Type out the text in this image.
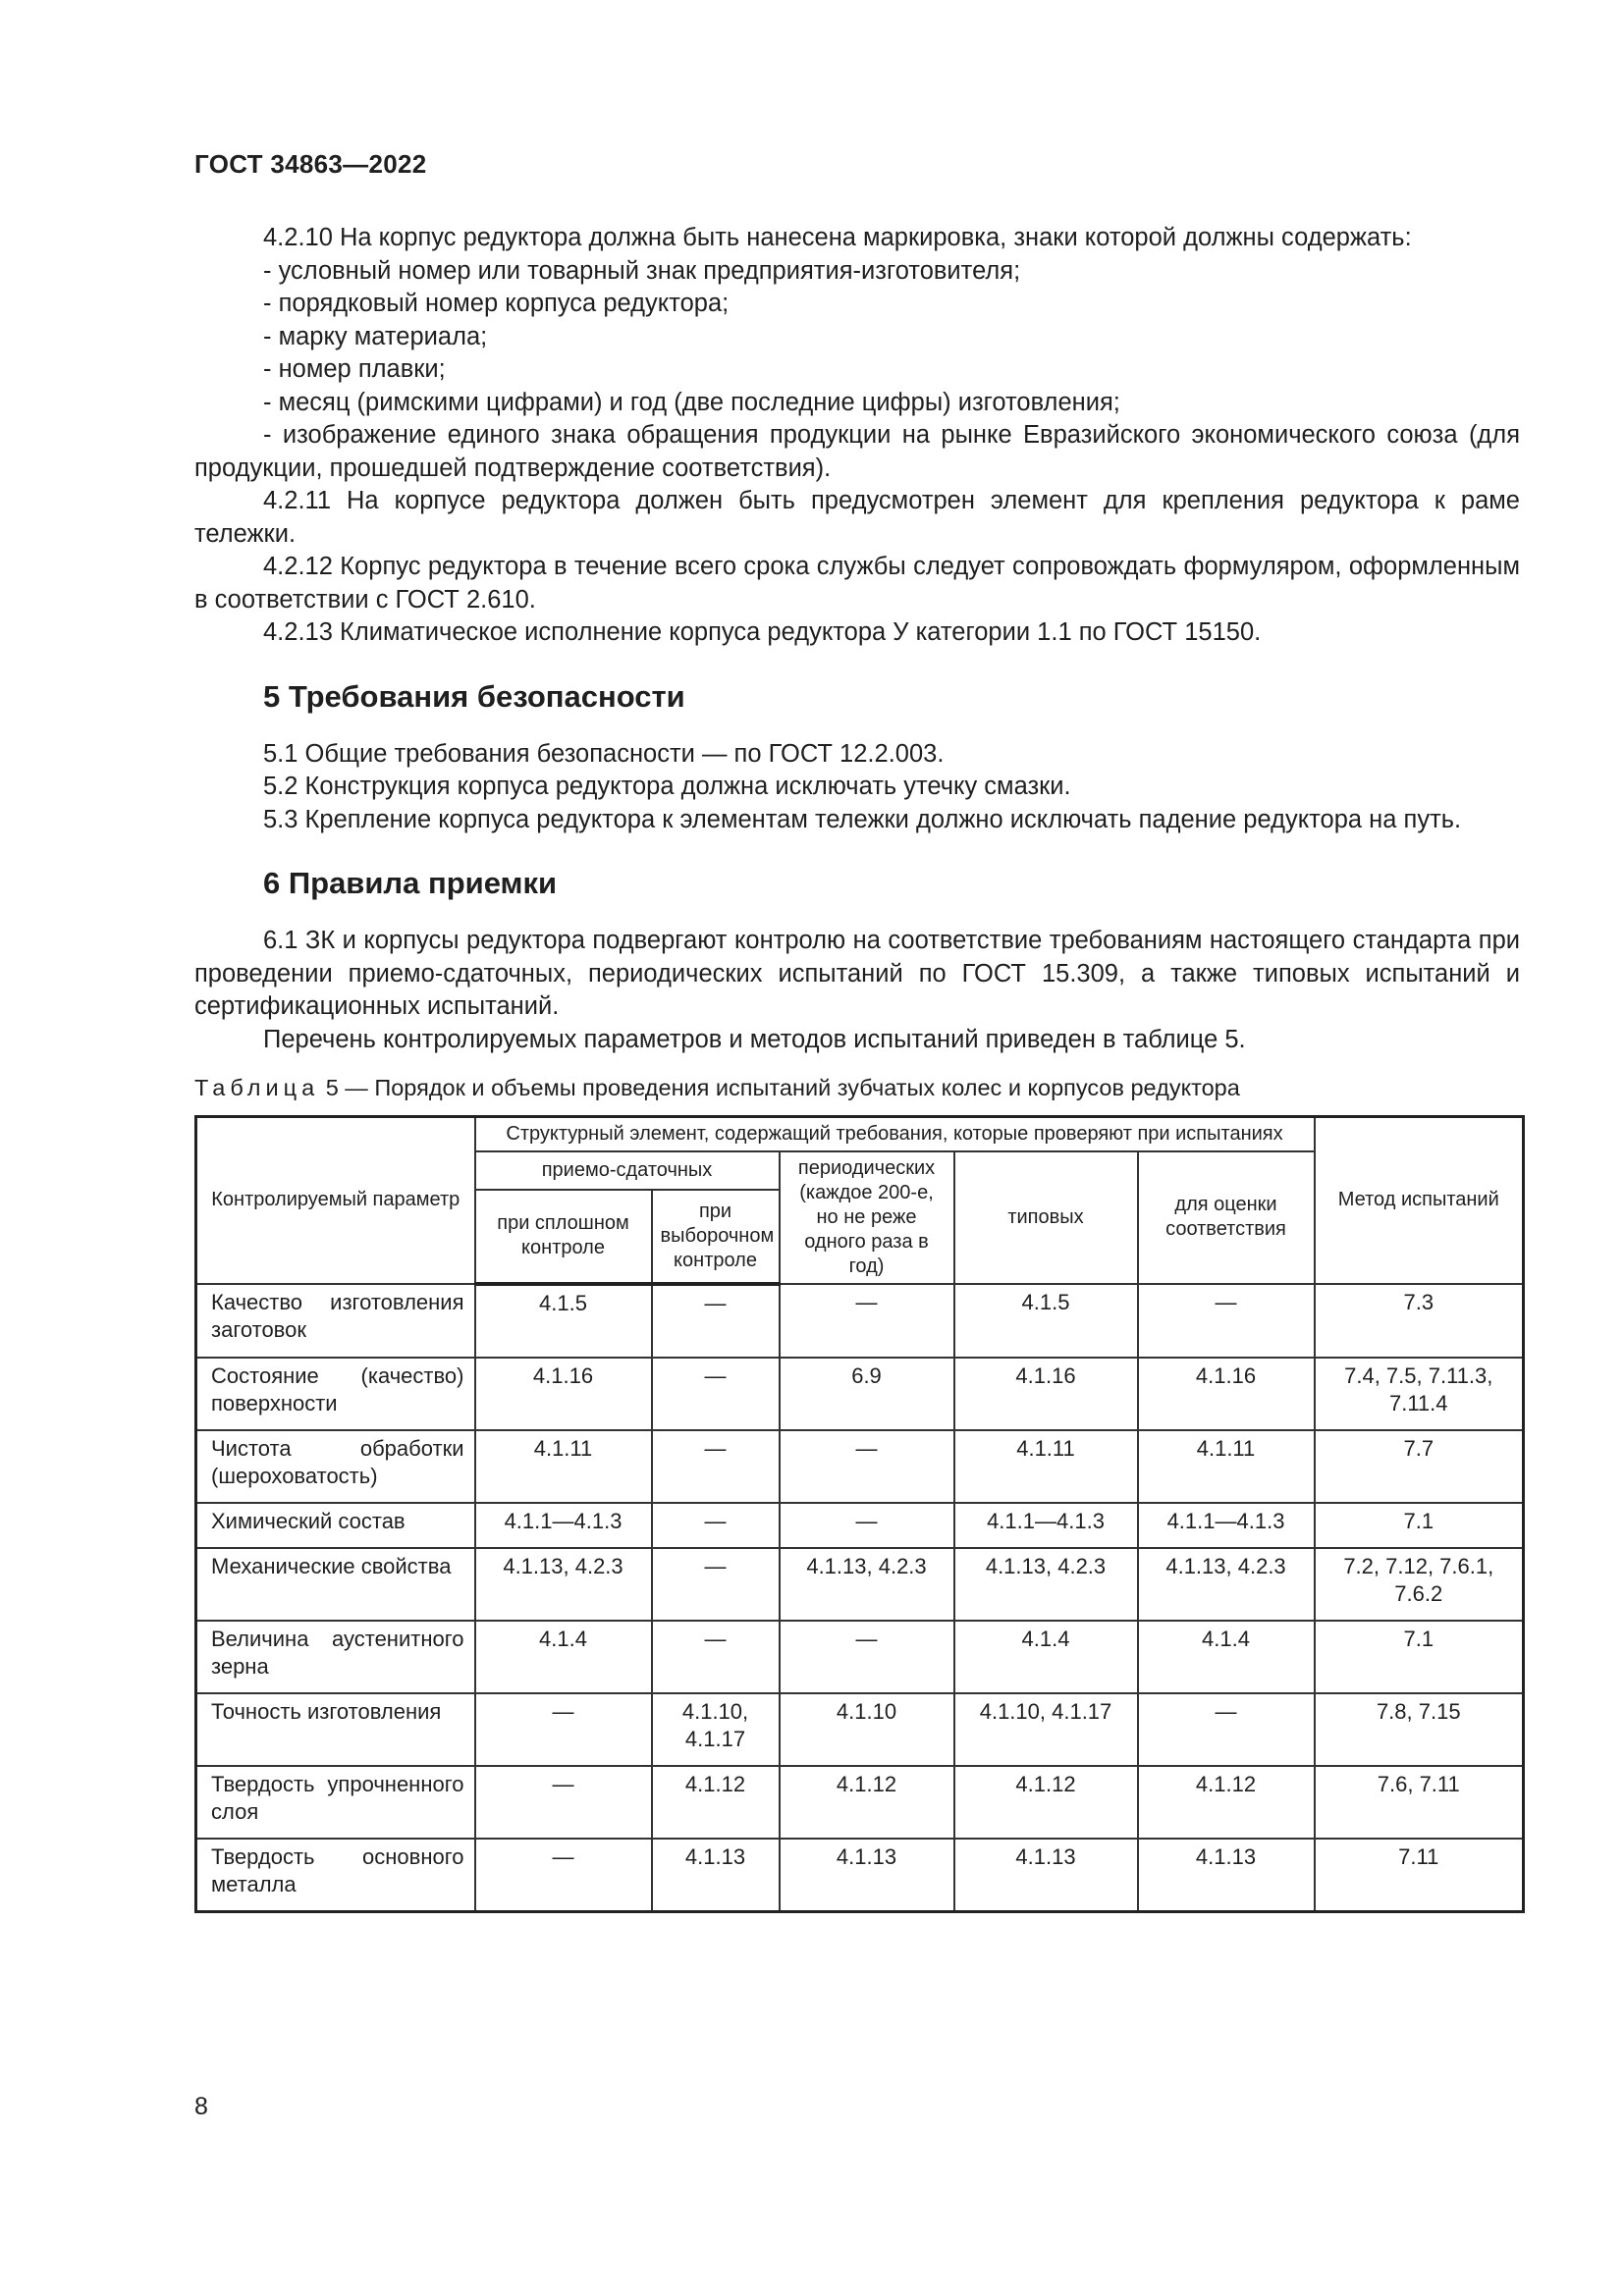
ГОСТ 34863—2022

4.2.10 На корпус редуктора должна быть нанесена маркировка, знаки которой должны содержать:

- условный номер или товарный знак предприятия-изготовителя;

- порядковый номер корпуса редуктора;

- марку материала;

- номер плавки;

- месяц (римскими цифрами) и год (две последние цифры) изготовления;

- изображение единого знака обращения продукции на рынке Евразийского экономического союза (для продукции, прошедшей подтверждение соответствия).

4.2.11 На корпусе редуктора должен быть предусмотрен элемент для крепления редуктора к раме тележки.

4.2.12 Корпус редуктора в течение всего срока службы следует сопровождать формуляром, оформленным в соответствии с ГОСТ 2.610.

4.2.13 Климатическое исполнение корпуса редуктора У категории 1.1 по ГОСТ 15150.

5 Требования безопасности

5.1 Общие требования безопасности — по ГОСТ 12.2.003.

5.2 Конструкция корпуса редуктора должна исключать утечку смазки.

5.3 Крепление корпуса редуктора к элементам тележки должно исключать падение редуктора на путь.

6 Правила приемки

6.1 ЗК и корпусы редуктора подвергают контролю на соответствие требованиям настоящего стандарта при проведении приемо-сдаточных, периодических испытаний по ГОСТ 15.309, а также типовых испытаний и сертификационных испытаний.

Перечень контролируемых параметров и методов испытаний приведен в таблице 5.

Таблица 5 — Порядок и объемы проведения испытаний зубчатых колес и корпусов редуктора

Контролируемый параметр	Структурный элемент, содержащий требования, которые проверяют при испытаниях					Метод испытаний
	приемо-сдаточных		периодических (каждое 200-е, но не реже одного раза в год)	типовых	для оценки соответствия	
	при сплошном контроле	при выборочном контроле				
Качество изготовления заготовок	4.1.5	—	—	4.1.5	—	7.3
Состояние (качество) поверхности	4.1.16	—	6.9	4.1.16	4.1.16	7.4, 7.5, 7.11.3, 7.11.4
Чистота обработки (шероховатость)	4.1.11	—	—	4.1.11	4.1.11	7.7
Химический состав	4.1.1—4.1.3	—	—	4.1.1—4.1.3	4.1.1—4.1.3	7.1
Механические свойства	4.1.13, 4.2.3	—	4.1.13, 4.2.3	4.1.13, 4.2.3	4.1.13, 4.2.3	7.2, 7.12, 7.6.1, 7.6.2
Величина аустенитного зерна	4.1.4	—	—	4.1.4	4.1.4	7.1
Точность изготовления	—	4.1.10, 4.1.17	4.1.10	4.1.10, 4.1.17	—	7.8, 7.15
Твердость упрочненного слоя	—	4.1.12	4.1.12	4.1.12	4.1.12	7.6, 7.11
Твердость основного металла	—	4.1.13	4.1.13	4.1.13	4.1.13	7.11
8
